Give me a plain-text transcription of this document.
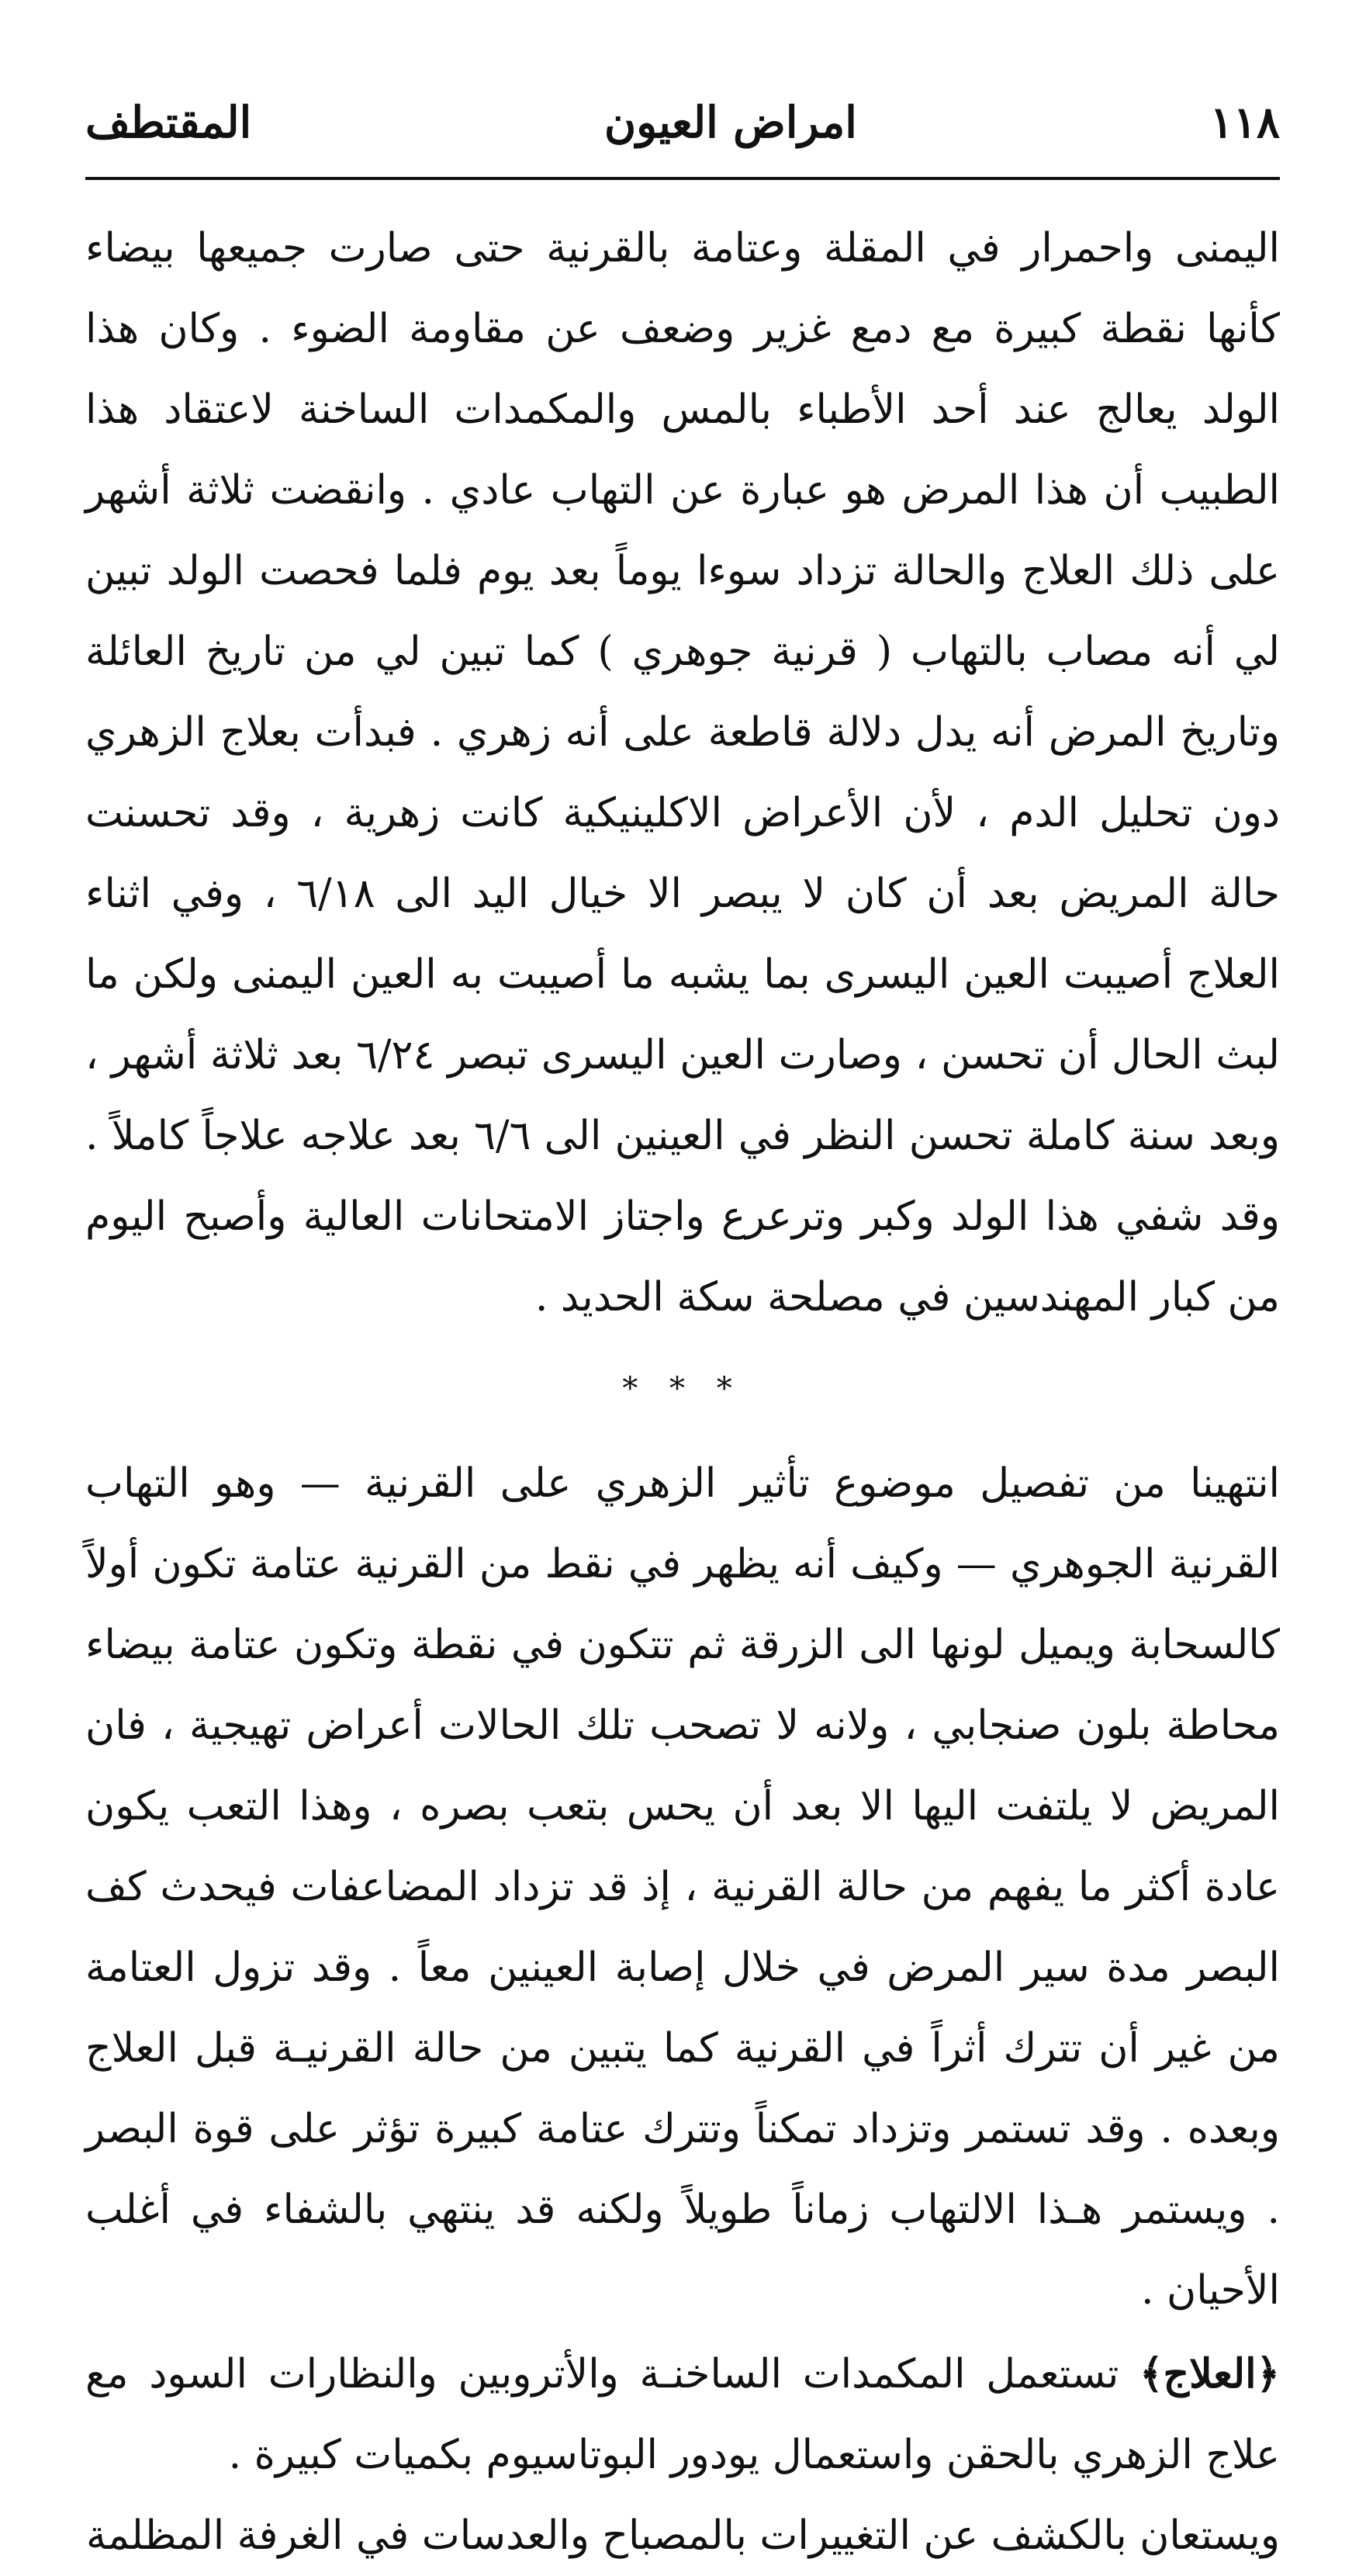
١١٨
امراض العيون
المقتطف

اليمنى واحمرار في المقلة وعتامة بالقرنية حتى صارت جميعها بيضاء كأنها نقطة كبيرة مع دمع غزير وضعف عن مقاومة الضوء . وكان هذا الولد يعالج عند أحد الأطباء بالمس والمكمدات الساخنة لاعتقاد هذا الطبيب أن هذا المرض هو عبارة عن التهاب عادي . وانقضت ثلاثة أشهر على ذلك العلاج والحالة تزداد سوءا يوماً بعد يوم فلما فحصت الولد تبين لي أنه مصاب بالتهاب ( قرنية جوهري ) كما تبين لي من تاريخ العائلة وتاريخ المرض أنه يدل دلالة قاطعة على أنه زهري . فبدأت بعلاج الزهري دون تحليل الدم ، لأن الأعراض الاكلينيكية كانت زهرية ، وقد تحسنت حالة المريض بعد أن كان لا يبصر الا خيال اليد الى ٦/١٨ ، وفي اثناء العلاج أصيبت العين اليسرى بما يشبه ما أصيبت به العين اليمنى ولكن ما لبث الحال أن تحسن ، وصارت العين اليسرى تبصر ٦/٢٤ بعد ثلاثة أشهر ، وبعد سنة كاملة تحسن النظر في العينين الى ٦/٦ بعد علاجه علاجاً كاملاً . وقد شفي هذا الولد وكبر وترعرع واجتاز الامتحانات العالية وأصبح اليوم من كبار المهندسين في مصلحة سكة الحديد .

* * *

انتهينا من تفصيل موضوع تأثير الزهري على القرنية — وهو التهاب القرنية الجوهري — وكيف أنه يظهر في نقط من القرنية عتامة تكون أولاً كالسحابة ويميل لونها الى الزرقة ثم تتكون في نقطة وتكون عتامة بيضاء محاطة بلون صنجابي ، ولانه لا تصحب تلك الحالات أعراض تهيجية ، فان المريض لا يلتفت اليها الا بعد أن يحس بتعب بصره ، وهذا التعب يكون عادة أكثر ما يفهم من حالة القرنية ، إذ قد تزداد المضاعفات فيحدث كف البصر مدة سير المرض في خلال إصابة العينين معاً . وقد تزول العتامة من غير أن تترك أثراً في القرنية كما يتبين من حالة القرنيـة قبل العلاج وبعده . وقد تستمر وتزداد تمكناً وتترك عتامة كبيرة تؤثر على قوة البصر . ويستمر هـذا الالتهاب زماناً طويلاً ولكنه قد ينتهي بالشفاء في أغلب الأحيان .

﴿العلاج﴾ تستعمل المكمدات الساخنـة والأتروبين والنظارات السود مع علاج الزهري بالحقن واستعمال يودور البوتاسيوم بكميات كبيرة .

ويستعان بالكشف عن التغييرات بالمصباح والعدسات في الغرفة المظلمة
